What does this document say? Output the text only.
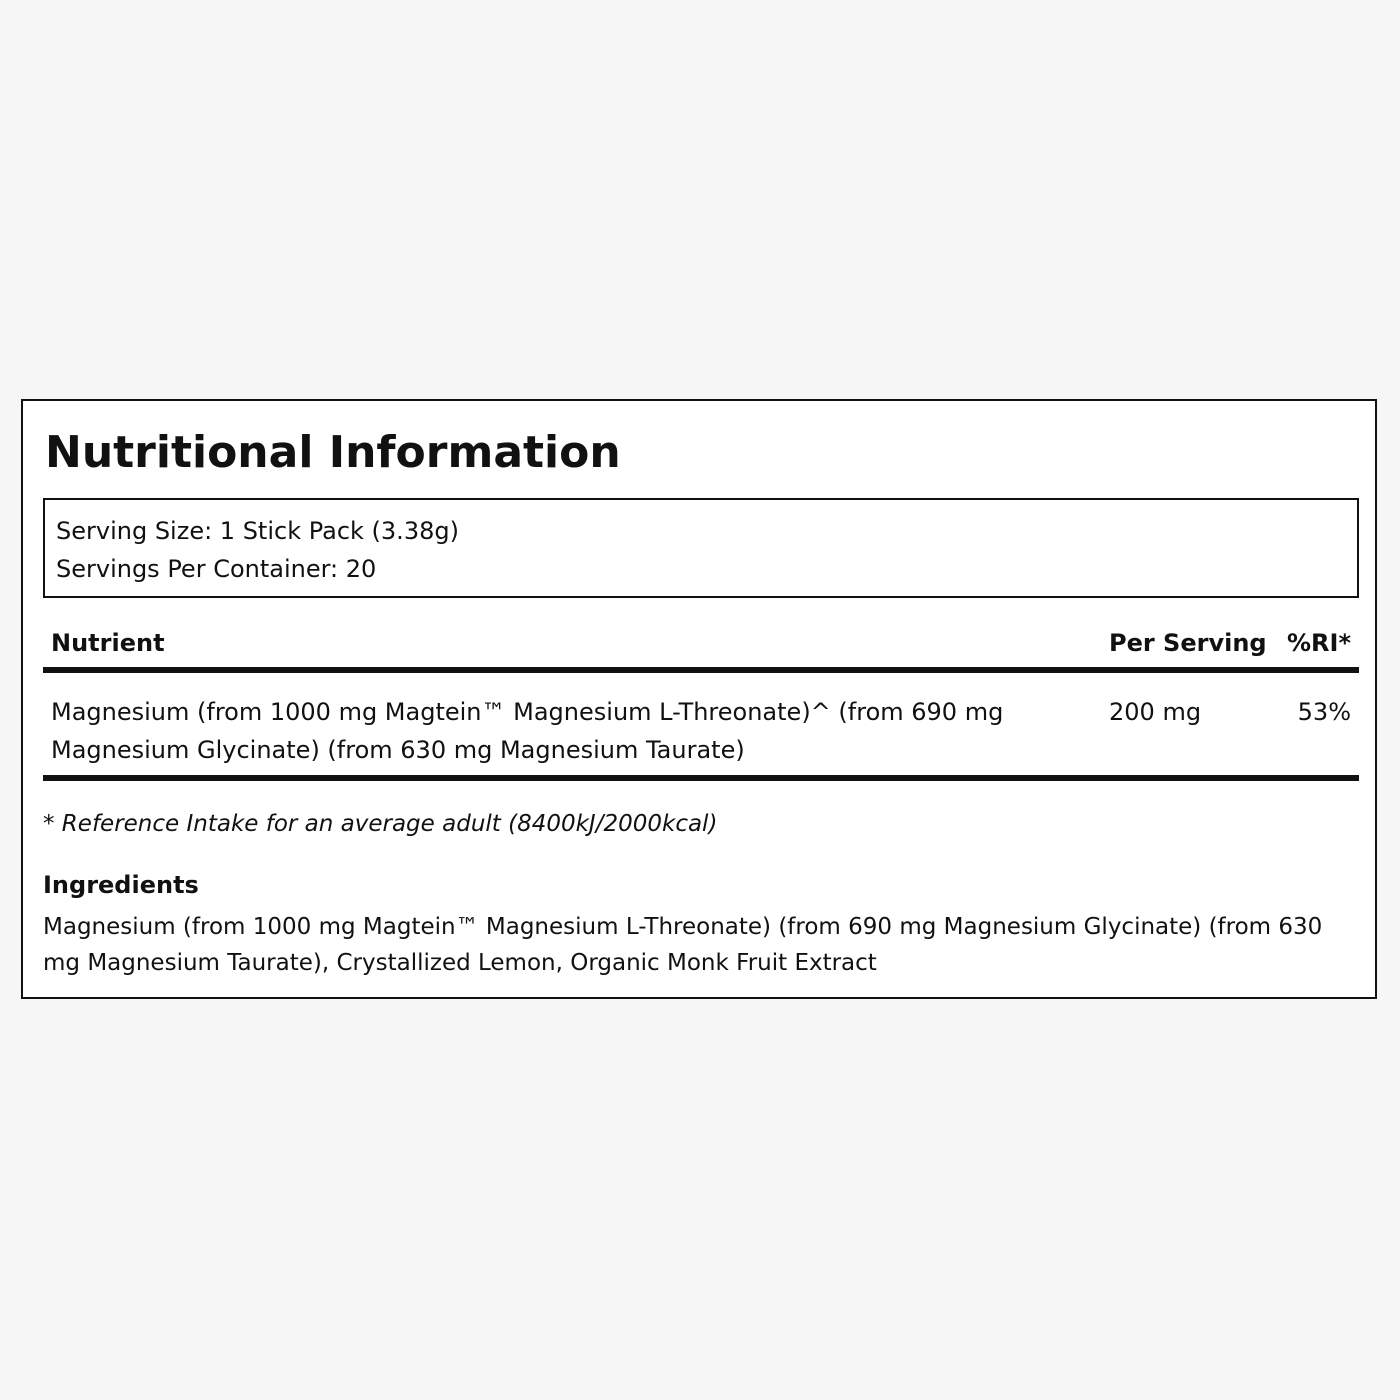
Nutritional Information
Serving Size: 1 Stick Pack (3.38g)
Servings Per Container: 20
Nutrient	Per Serving %RI*
Magnesium (from 1000 mg Magtein™ Magnesium L-Threonate)^ (from 690 mg Magnesium Glycinate) (from 630 mg Magnesium Taurate)
200 mg	53%
* Reference Intake for an average adult (8400kJ/2000kcal)
Ingredients

Magnesium (from 1000 mg Magtein™ Magnesium L-Threonate) (from 690 mg Magnesium Glycinate) (from 630 mg Magnesium Taurate), Crystallized Lemon, Organic Monk Fruit Extract
